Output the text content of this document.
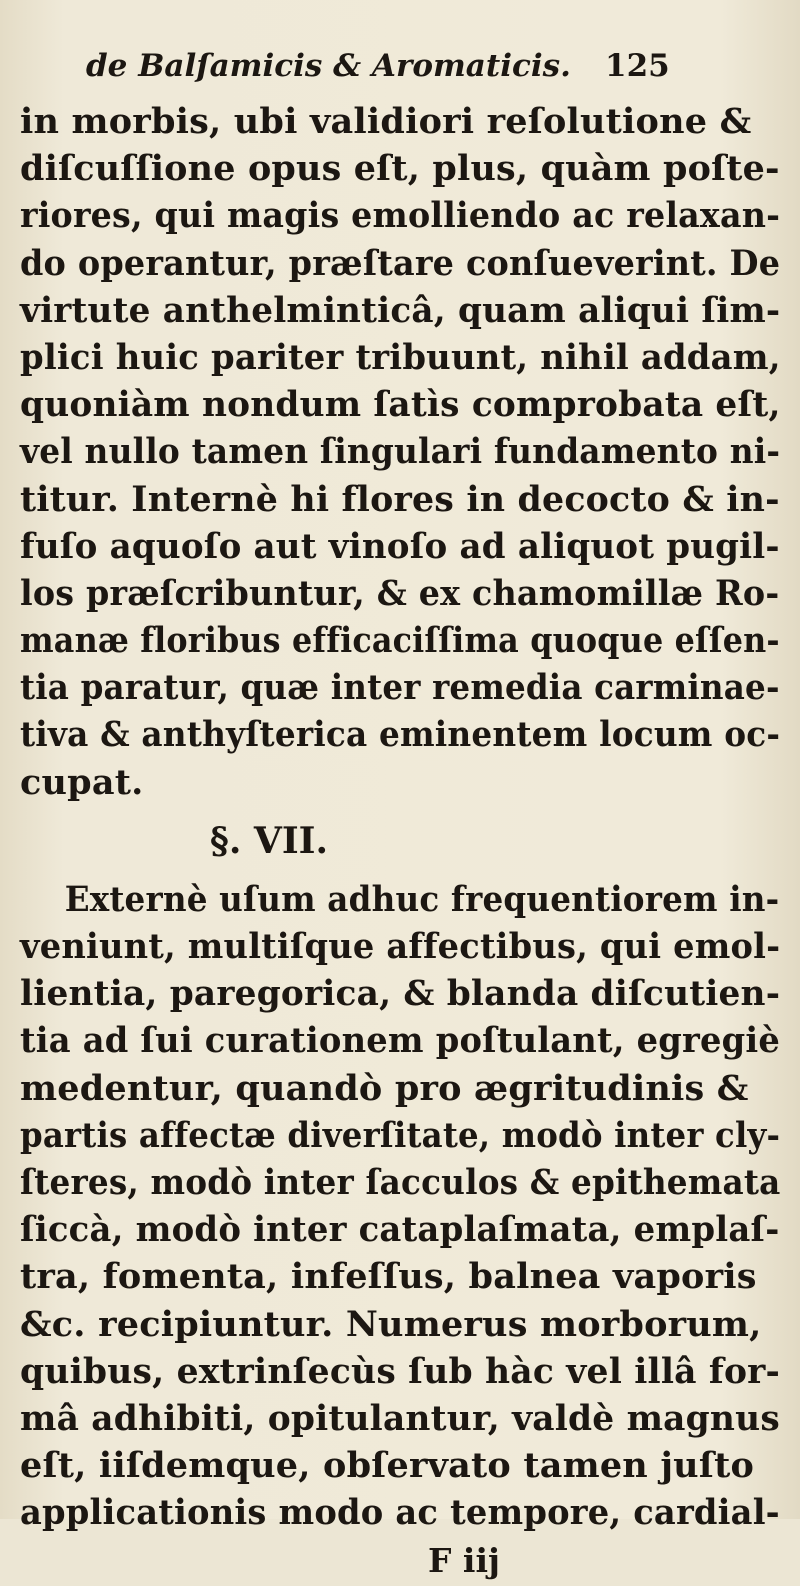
de Balſamicis & Aromaticis. 125
in morbis, ubi validiori reſolutione &
diſcuſſione opus eſt, plus, quàm poſte-
riores, qui magis emolliendo ac relaxan-
do operantur, præſtare conſueverint. De
virtute anthelminticâ, quam aliqui ſim-
plici huic pariter tribuunt, nihil addam,
quoniàm nondum ſatìs comprobata eſt,
vel nullo tamen ſingulari fundamento ni-
titur. Internè hi flores in decocto & in-
fuſo aquoſo aut vinoſo ad aliquot pugil-
los præſcribuntur, & ex chamomillæ Ro-
manæ floribus efficaciſſima quoque eſſen-
tia paratur, quæ inter remedia carminae-
tiva & anthyſterica eminentem locum oc-
cupat.
§. VII.
Externè uſum adhuc frequentiorem in-
veniunt, multiſque affectibus, qui emol-
lientia, paregorica, & blanda diſcutien-
tia ad ſui curationem poſtulant, egregiè
medentur, quandò pro ægritudinis &
partis affectæ diverſitate, modò inter cly-
ſteres, modò inter ſacculos & epithemata
ſiccà, modò inter cataplaſmata, emplaſ-
tra, fomenta, infeſſus, balnea vaporis
&c. recipiuntur. Numerus morborum,
quibus, extrinſecùs ſub hàc vel illâ for-
mâ adhibiti, opitulantur, valdè magnus
eſt, iiſdemque, obſervato tamen juſto
applicationis modo ac tempore, cardial-
F iij
